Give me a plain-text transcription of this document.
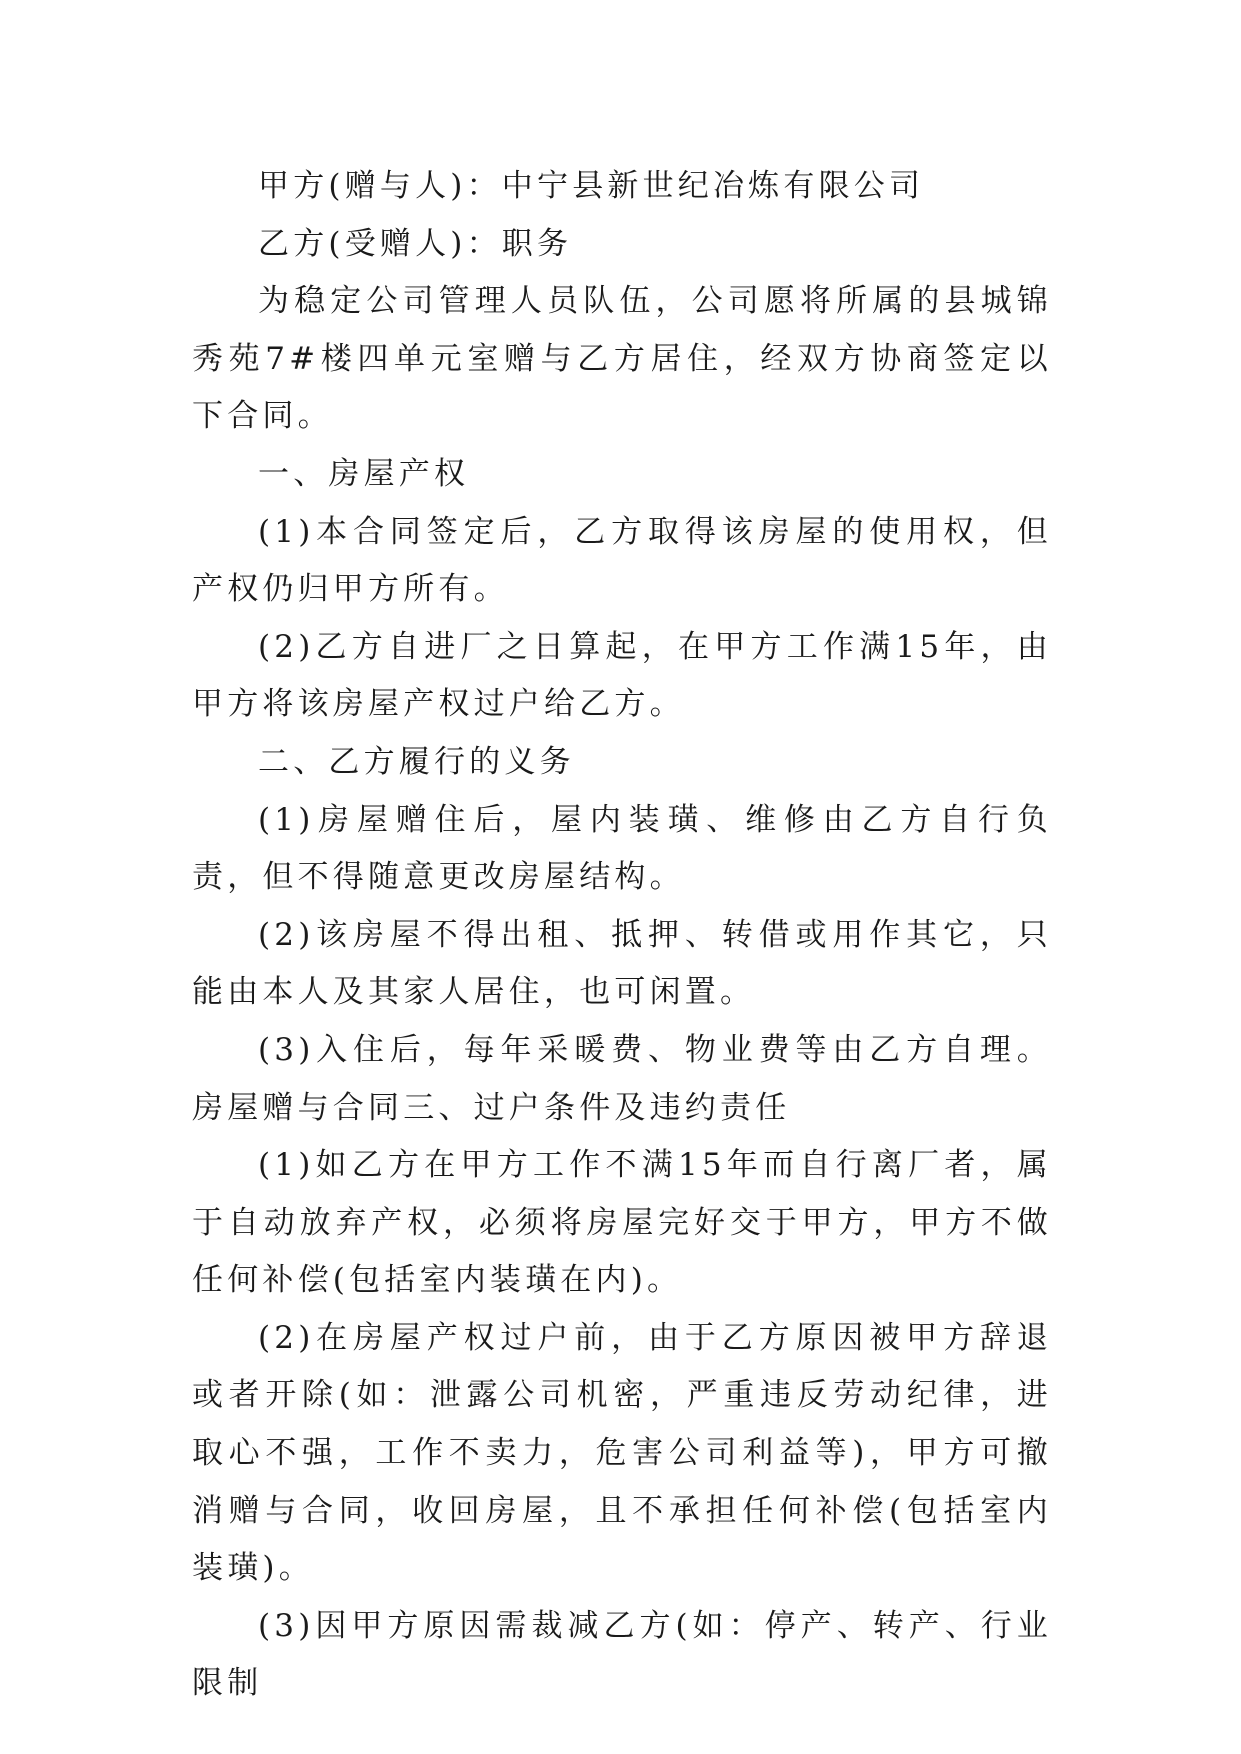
甲方(赠与人)：中宁县新世纪冶炼有限公司

乙方(受赠人)：职务

为稳定公司管理人员队伍，公司愿将所属的县城锦秀苑7#楼四单元室赠与乙方居住，经双方协商签定以下合同。

一、房屋产权

(1)本合同签定后，乙方取得该房屋的使用权，但产权仍归甲方所有。

(2)乙方自进厂之日算起，在甲方工作满15年，由甲方将该房屋产权过户给乙方。

二、乙方履行的义务

(1)房屋赠住后，屋内装璜、维修由乙方自行负责，但不得随意更改房屋结构。

(2)该房屋不得出租、抵押、转借或用作其它，只能由本人及其家人居住，也可闲置。

(3)入住后，每年采暖费、物业费等由乙方自理。房屋赠与合同三、过户条件及违约责任

(1)如乙方在甲方工作不满15年而自行离厂者，属于自动放弃产权，必须将房屋完好交于甲方，甲方不做任何补偿(包括室内装璜在内)。

(2)在房屋产权过户前，由于乙方原因被甲方辞退或者开除(如：泄露公司机密，严重违反劳动纪律，进取心不强，工作不卖力，危害公司利益等)，甲方可撤消赠与合同，收回房屋，且不承担任何补偿(包括室内装璜)。

(3)因甲方原因需裁减乙方(如：停产、转产、行业限制
